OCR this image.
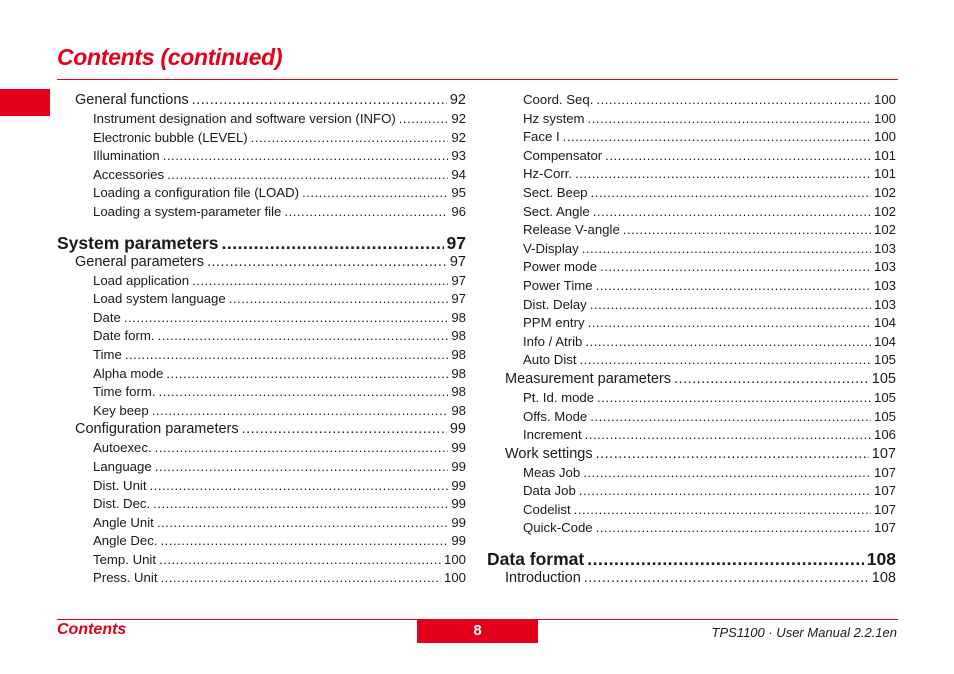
Contents (continued)
General functions .....	92
Instrument designation and software version (INFO) .....	92
Electronic bubble (LEVEL) .....	92
Illumination .....	93
Accessories .....	94
Loading a configuration file (LOAD) .....	95
Loading a system-parameter file .....	96
System parameters .....	97
General parameters .....	97
Load application .....	97
Load system language .....	97
Date .....	98
Date form. .....	98
Time .....	98
Alpha mode .....	98
Time form. .....	98
Key beep .....	98
Configuration parameters .....	99
Autoexec. .....	99
Language .....	99
Dist. Unit .....	99
Dist. Dec. .....	99
Angle Unit .....	99
Angle Dec. .....	99
Temp. Unit .....	100
Press. Unit .....	100
Coord. Seq. .....	100
Hz system .....	100
Face I .....	100
Compensator .....	101
Hz-Corr. .....	101
Sect. Beep .....	102
Sect. Angle .....	102
Release V-angle .....	102
V-Display .....	103
Power mode .....	103
Power Time .....	103
Dist. Delay .....	103
PPM entry .....	104
Info / Atrib .....	104
Auto Dist .....	105
Measurement parameters .....	105
Pt. Id. mode .....	105
Offs. Mode .....	105
Increment .....	106
Work settings .....	107
Meas Job .....	107
Data Job .....	107
Codelist .....	107
Quick-Code .....	107
Data format .....	108
Introduction .....	108
Contents	8	TPS1100 · User Manual 2.2.1en
